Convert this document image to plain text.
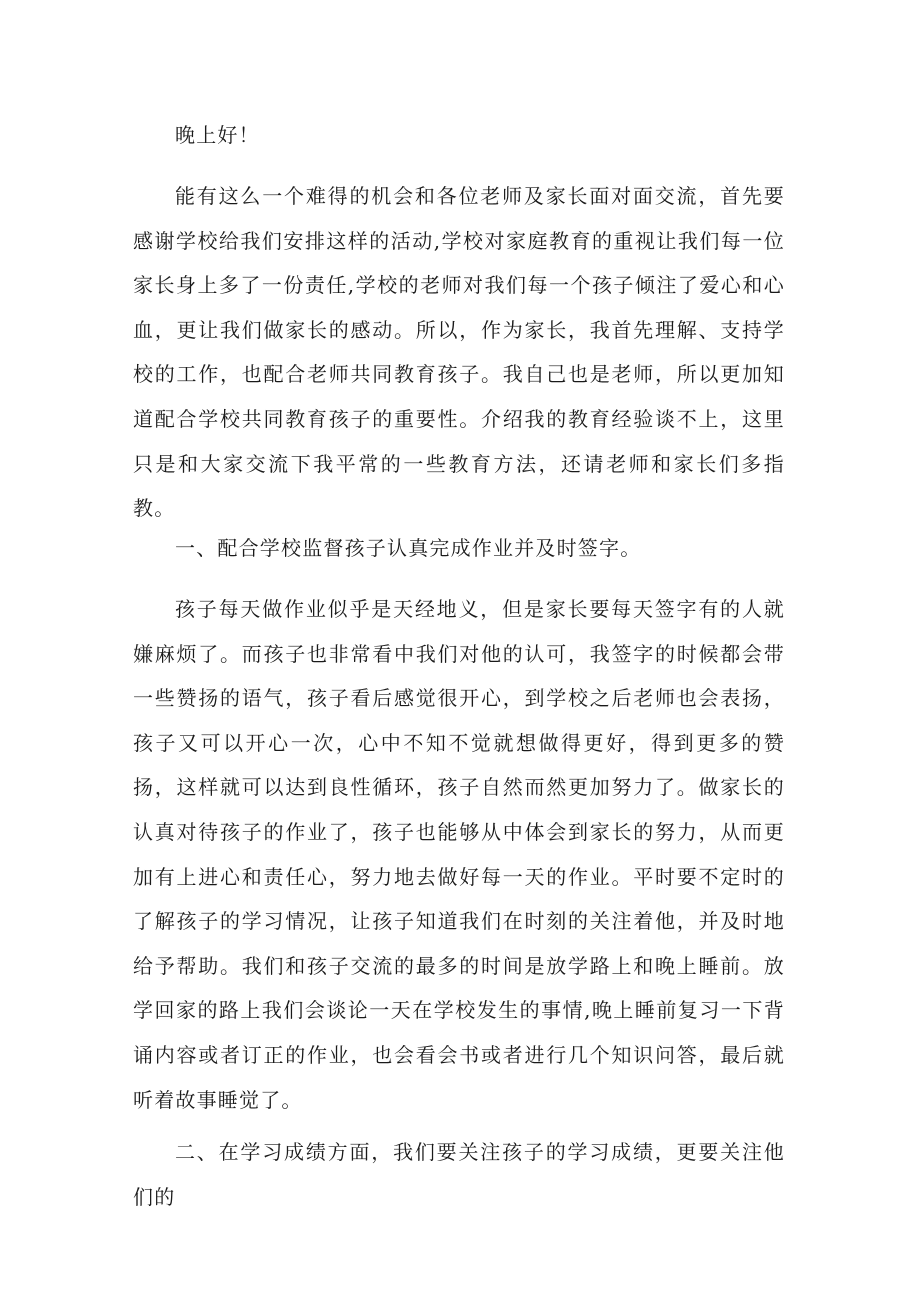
晚上好！

能有这么一个难得的机会和各位老师及家长面对面交流，首先要感谢学校给我们安排这样的活动,学校对家庭教育的重视让我们每一位家长身上多了一份责任,学校的老师对我们每一个孩子倾注了爱心和心血，更让我们做家长的感动。所以，作为家长，我首先理解、支持学校的工作，也配合老师共同教育孩子。我自己也是老师，所以更加知道配合学校共同教育孩子的重要性。介绍我的教育经验谈不上，这里只是和大家交流下我平常的一些教育方法，还请老师和家长们多指教。

一、配合学校监督孩子认真完成作业并及时签字。

孩子每天做作业似乎是天经地义，但是家长要每天签字有的人就嫌麻烦了。而孩子也非常看中我们对他的认可，我签字的时候都会带一些赞扬的语气，孩子看后感觉很开心，到学校之后老师也会表扬，孩子又可以开心一次，心中不知不觉就想做得更好，得到更多的赞扬，这样就可以达到良性循环，孩子自然而然更加努力了。做家长的认真对待孩子的作业了，孩子也能够从中体会到家长的努力，从而更加有上进心和责任心，努力地去做好每一天的作业。平时要不定时的了解孩子的学习情况，让孩子知道我们在时刻的关注着他，并及时地给予帮助。我们和孩子交流的最多的时间是放学路上和晚上睡前。放学回家的路上我们会谈论一天在学校发生的事情,晚上睡前复习一下背诵内容或者订正的作业，也会看会书或者进行几个知识问答，最后就听着故事睡觉了。

二、在学习成绩方面，我们要关注孩子的学习成绩，更要关注他们的
